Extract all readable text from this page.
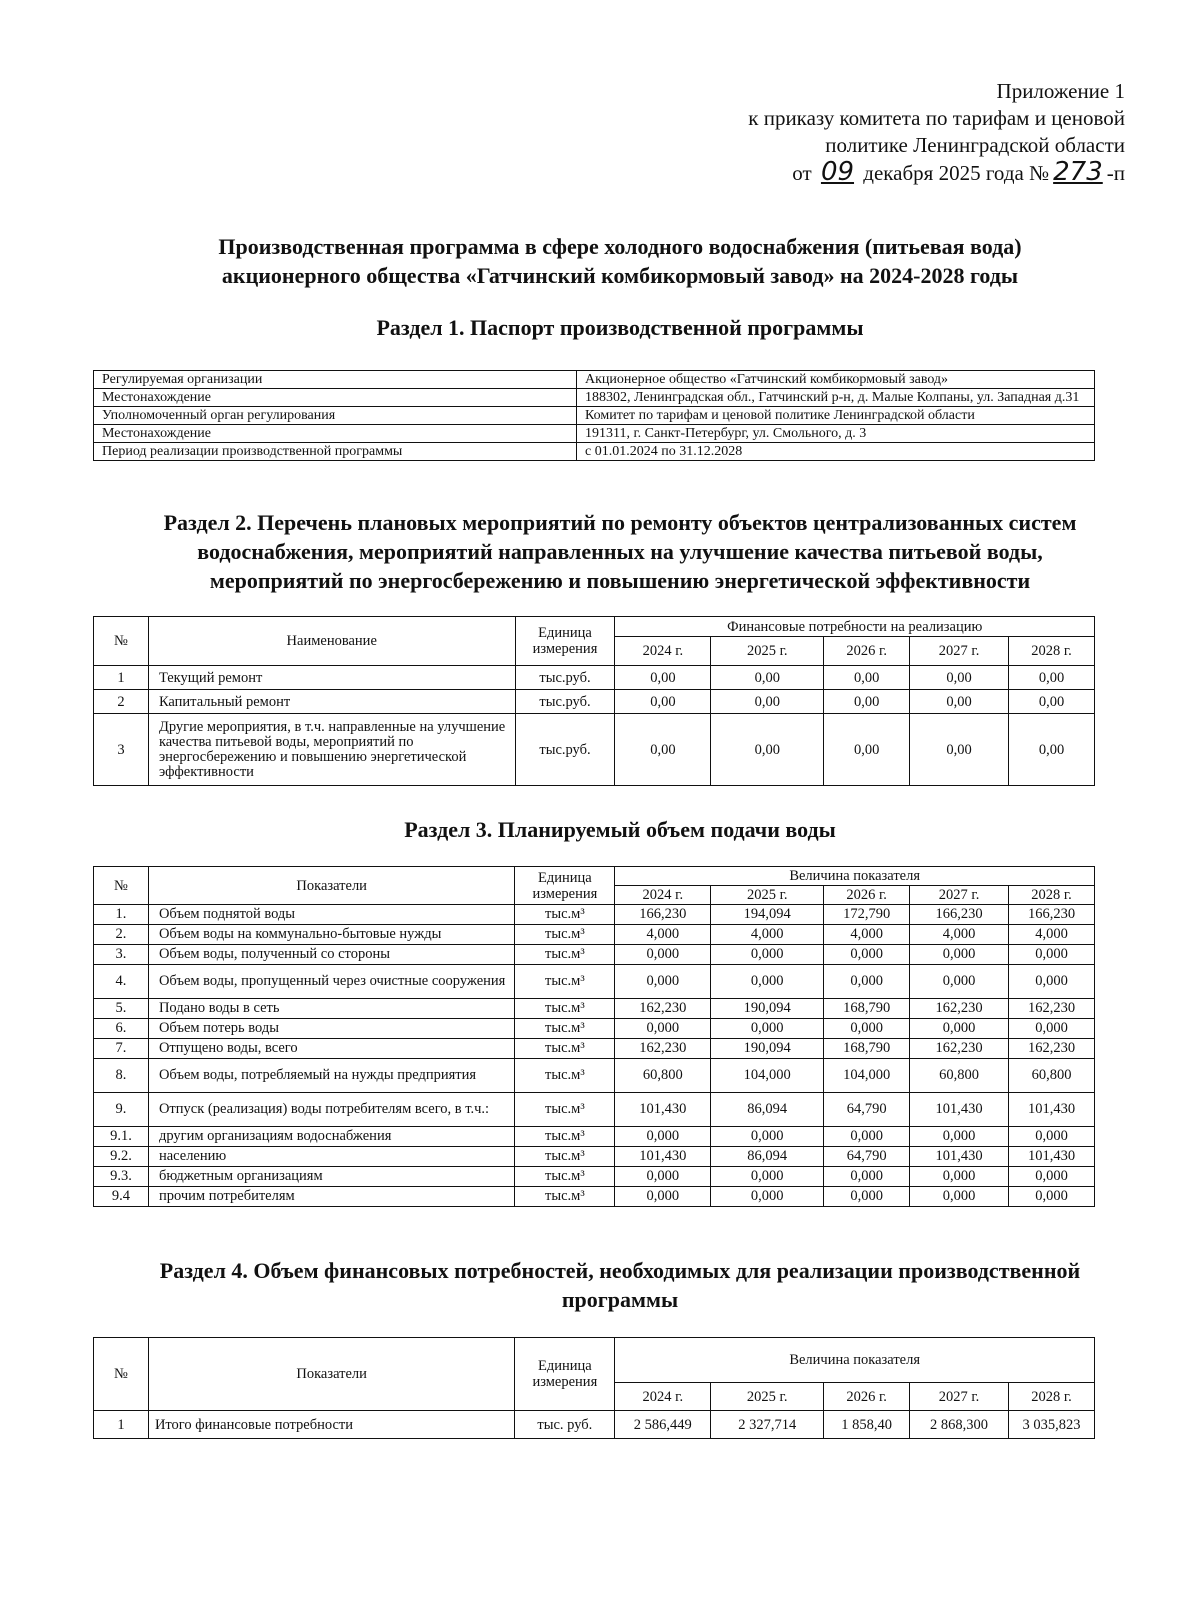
Приложение 1
к приказу комитета по тарифам и ценовой
политике Ленинградской области
от 09 декабря 2025 года № 273 -п
Производственная программа в сфере холодного водоснабжения (питьевая вода)
акционерного общества «Гатчинский комбикормовый завод» на 2024-2028 годы
Раздел 1. Паспорт производственной программы
Регулируемая организации	Акционерное общество «Гатчинский комбикормовый завод»
Местонахождение	188302, Ленинградская обл., Гатчинский р-н, д. Малые Колпаны, ул. Западная д.31
Уполномоченный орган регулирования	Комитет по тарифам и ценовой политике Ленинградской области
Местонахождение	191311, г. Санкт-Петербург, ул. Смольного, д. 3
Период реализации производственной программы	с 01.01.2024 по 31.12.2028
Раздел 2. Перечень плановых мероприятий по ремонту объектов централизованных систем
водоснабжения, мероприятий направленных на улучшение качества питьевой воды,
мероприятий по энергосбережению и повышению энергетической эффективности
№	Наименование	Единица измерения	Финансовые потребности на реализацию				
			2024 г.	2025 г.	2026 г.	2027 г.	2028 г.
1	Текущий ремонт	тыс.руб.	0,00	0,00	0,00	0,00	0,00
2	Капитальный ремонт	тыс.руб.	0,00	0,00	0,00	0,00	0,00
3	Другие мероприятия, в т.ч. направленные на улучшение качества питьевой воды, мероприятий по энергосбережению и повышению энергетической эффективности	тыс.руб.	0,00	0,00	0,00	0,00	0,00
Раздел 3. Планируемый объем подачи воды
№	Показатели	Единица измерения	Величина показателя				
			2024 г.	2025 г.	2026 г.	2027 г.	2028 г.
1.	Объем поднятой воды	тыс.м³	166,230	194,094	172,790	166,230	166,230
2.	Объем воды на коммунально-бытовые нужды	тыс.м³	4,000	4,000	4,000	4,000	4,000
3.	Объем воды, полученный со стороны	тыс.м³	0,000	0,000	0,000	0,000	0,000
4.	Объем воды, пропущенный через очистные сооружения	тыс.м³	0,000	0,000	0,000	0,000	0,000
5.	Подано воды в сеть	тыс.м³	162,230	190,094	168,790	162,230	162,230
6.	Объем потерь воды	тыс.м³	0,000	0,000	0,000	0,000	0,000
7.	Отпущено воды, всего	тыс.м³	162,230	190,094	168,790	162,230	162,230
8.	Объем воды, потребляемый на нужды предприятия	тыс.м³	60,800	104,000	104,000	60,800	60,800
9.	Отпуск (реализация) воды потребителям всего, в т.ч.:	тыс.м³	101,430	86,094	64,790	101,430	101,430
9.1.	другим организациям водоснабжения	тыс.м³	0,000	0,000	0,000	0,000	0,000
9.2.	населению	тыс.м³	101,430	86,094	64,790	101,430	101,430
9.3.	бюджетным организациям	тыс.м³	0,000	0,000	0,000	0,000	0,000
9.4	прочим потребителям	тыс.м³	0,000	0,000	0,000	0,000	0,000
Раздел 4. Объем финансовых потребностей, необходимых для реализации производственной
программы
№	Показатели	Единица измерения	Величина показателя				
			2024 г.	2025 г.	2026 г.	2027 г.	2028 г.
1	Итого финансовые потребности	тыс. руб.	2 586,449	2 327,714	1 858,40	2 868,300	3 035,823
